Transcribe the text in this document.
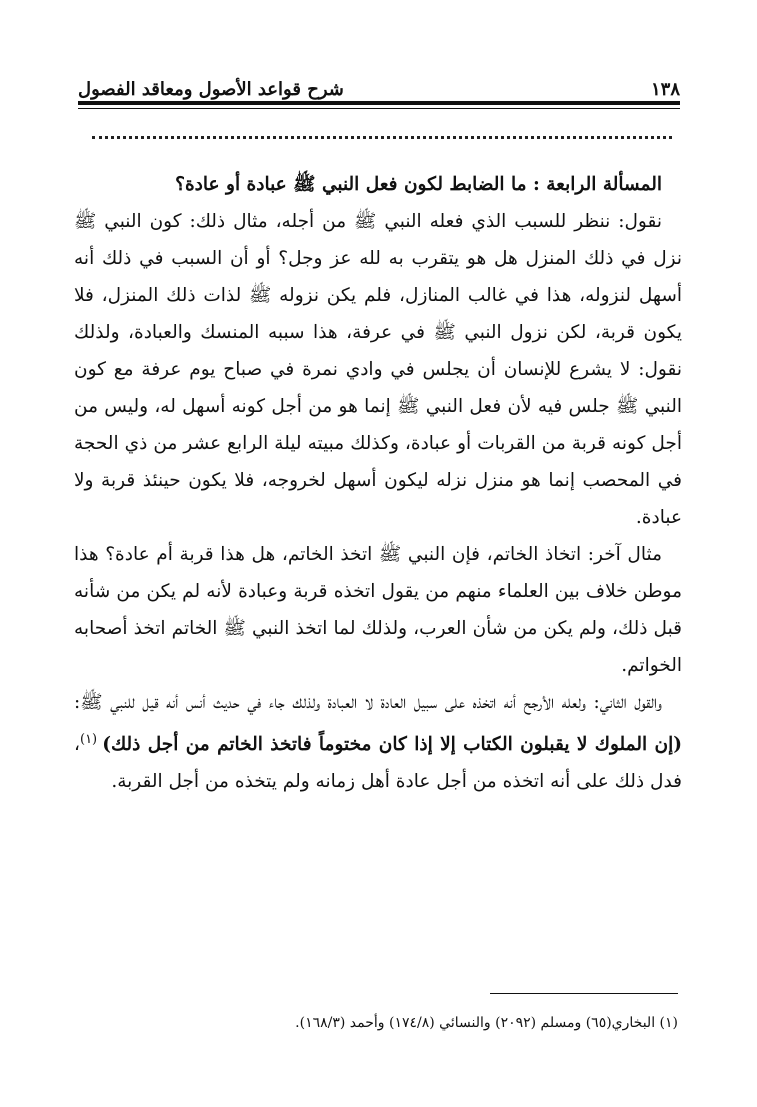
١٣٨
شرح قواعد الأصول ومعاقد الفصول

المسألة الرابعة : ما الضابط لكون فعل النبي ﷺ عبادة أو عادة؟

نقول: ننظر للسبب الذي فعله النبي ﷺ من أجله، مثال ذلك: كون النبي ﷺ نزل في ذلك المنزل هل هو يتقرب به لله عز وجل؟ أو أن السبب في ذلك أنه أسهل لنزوله، هذا في غالب المنازل، فلم يكن نزوله ﷺ لذات ذلك المنزل، فلا يكون قربة، لكن نزول النبي ﷺ في عرفة، هذا سببه المنسك والعبادة، ولذلك نقول: لا يشرع للإنسان أن يجلس في وادي نمرة في صباح يوم عرفة مع كون النبي ﷺ جلس فيه لأن فعل النبي ﷺ إنما هو من أجل كونه أسهل له، وليس من أجل كونه قربة من القربات أو عبادة، وكذلك مبيته ليلة الرابع عشر من ذي الحجة في المحصب إنما هو منزل نزله ليكون أسهل لخروجه، فلا يكون حينئذ قربة ولا عبادة.

مثال آخر: اتخاذ الخاتم، فإن النبي ﷺ اتخذ الخاتم، هل هذا قربة أم عادة؟ هذا موطن خلاف بين العلماء منهم من يقول اتخذه قربة وعبادة لأنه لم يكن من شأنه قبل ذلك، ولم يكن من شأن العرب، ولذلك لما اتخذ النبي ﷺ الخاتم اتخذ أصحابه الخواتم.

والقول الثاني: ولعله الأرجح أنه اتخذه على سبيل العادة لا العبادة ولذلك جاء في حديث أنس أنه قيل للنبي ﷺ: (إن الملوك لا يقبلون الكتاب إلا إذا كان مختوماً فاتخذ الخاتم من أجل ذلك) $^{(١)}$، فدل ذلك على أنه اتخذه من أجل عادة أهل زمانه ولم يتخذه من أجل القربة.

(١) البخاري(٦٥) ومسلم (٢٠٩٢) والنسائي (١٧٤/٨) وأحمد (١٦٨/٣).
